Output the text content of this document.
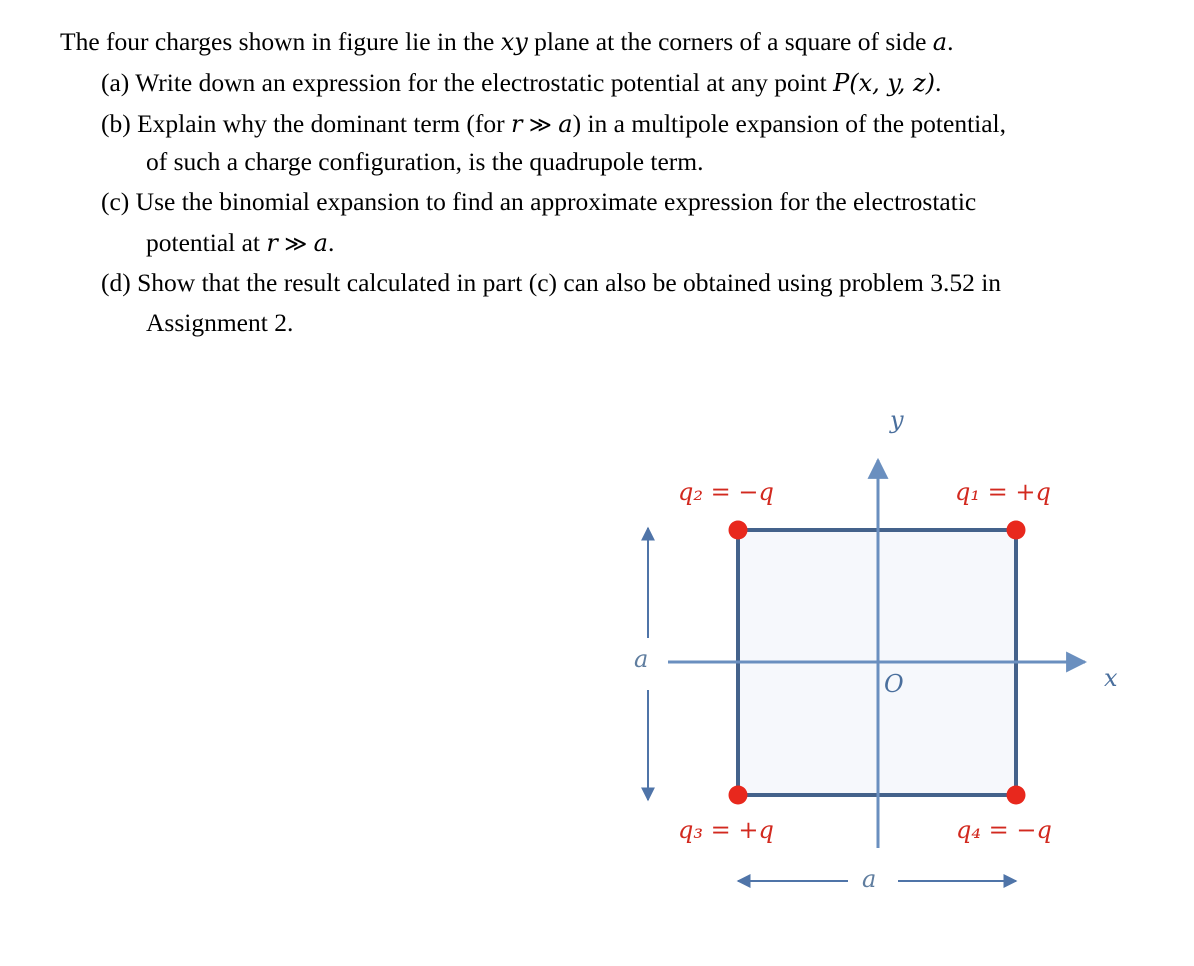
The four charges shown in figure lie in the xy plane at the corners of a square of side a.
(a) Write down an expression for the electrostatic potential at any point P(x, y, z).
(b) Explain why the dominant term (for r ≫ a) in a multipole expansion of the potential,
of such a charge configuration, is the quadrupole term.
(c) Use the binomial expansion to find an approximate expression for the electrostatic
potential at r ≫ a.
(d) Show that the result calculated in part (c) can also be obtained using problem 3.52 in
Assignment 2.
x
y
O
q₁ = +q
q₂ = −q
q₃ = +q	q₄ = −q
a
a
